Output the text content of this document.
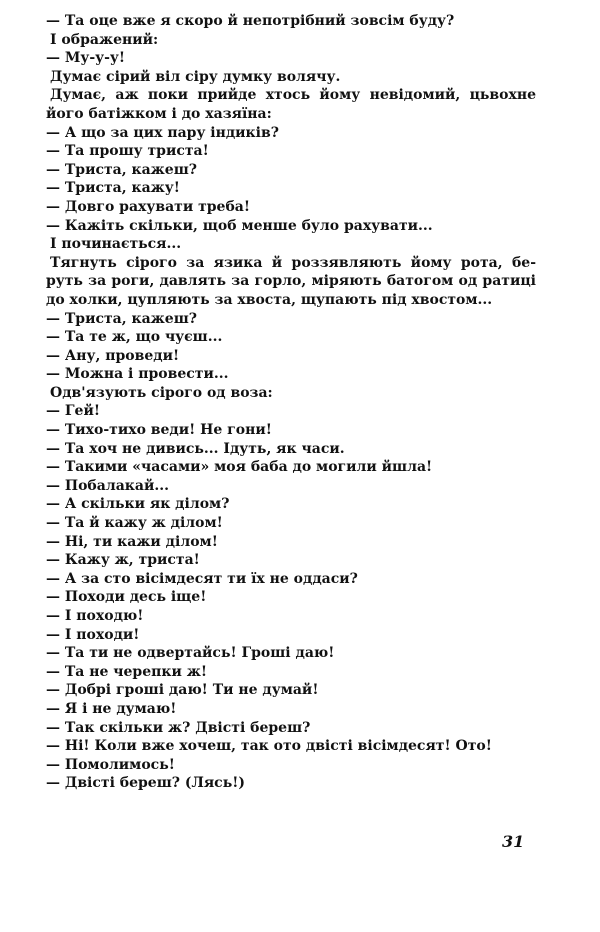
— Та оце вже я скоро й непотрібний зовсім буду?
І ображений:
— Му-у-у!
Думає сірий віл сіру думку волячу.
Думає, аж поки прийде хтось йому невідомий, цьвохне
його батіжком і до хазяїна:
— А що за цих пару індиків?
— Та прошу триста!
— Триста, кажеш?
— Триста, кажу!
— Довго рахувати треба!
— Кажіть скільки, щоб менше було рахувати...
І починається...
Тягнуть сірого за язика й роззявляють йому рота, бе-
руть за роги, давлять за горло, міряють батогом од ратиці
до холки, цупляють за хвоста, щупають під хвостом...
— Триста, кажеш?
— Та те ж, що чуєш...
— Ану, проведи!
— Можна і провести...
Одв'язують сірого од воза:
— Гей!
— Тихо-тихо веди! Не гони!
— Та хоч не дивись... Ідуть, як часи.
— Такими «часами» моя баба до могили йшла!
— Побалакай...
— А скільки як ділом?
— Та й кажу ж ділом!
— Ні, ти кажи ділом!
— Кажу ж, триста!
— А за сто вісімдесят ти їх не оддаси?
— Походи десь іще!
— І походю!
— І походи!
— Та ти не одвертайсь! Гроші даю!
— Та не черепки ж!
— Добрі гроші даю! Ти не думай!
— Я і не думаю!
— Так скільки ж? Двісті береш?
— Ні! Коли вже хочеш, так ото двісті вісімдесят! Ото!
— Помолимось!
— Двісті береш? (Лясь!)
31
